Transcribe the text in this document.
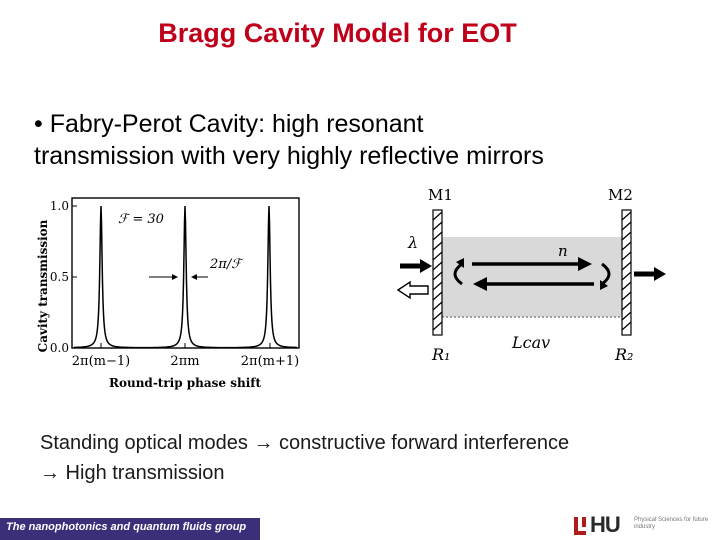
Bragg Cavity Model for EOT
• Fabry-Perot Cavity: high resonant
transmission with very highly reflective mirrors
Cavity transmission
1.0
0.5
0.0
2π(m−1)	2πm	2π(m+1)
Round-trip phase shift
ℱ = 30
2π/ℱ
M1	M2
λ	n
R₁	R₂
Lcav
Standing optical modes → constructive forward interference
→ High transmission
The nanophotonics and quantum fluids group	HU Physical Sciences for future industry
